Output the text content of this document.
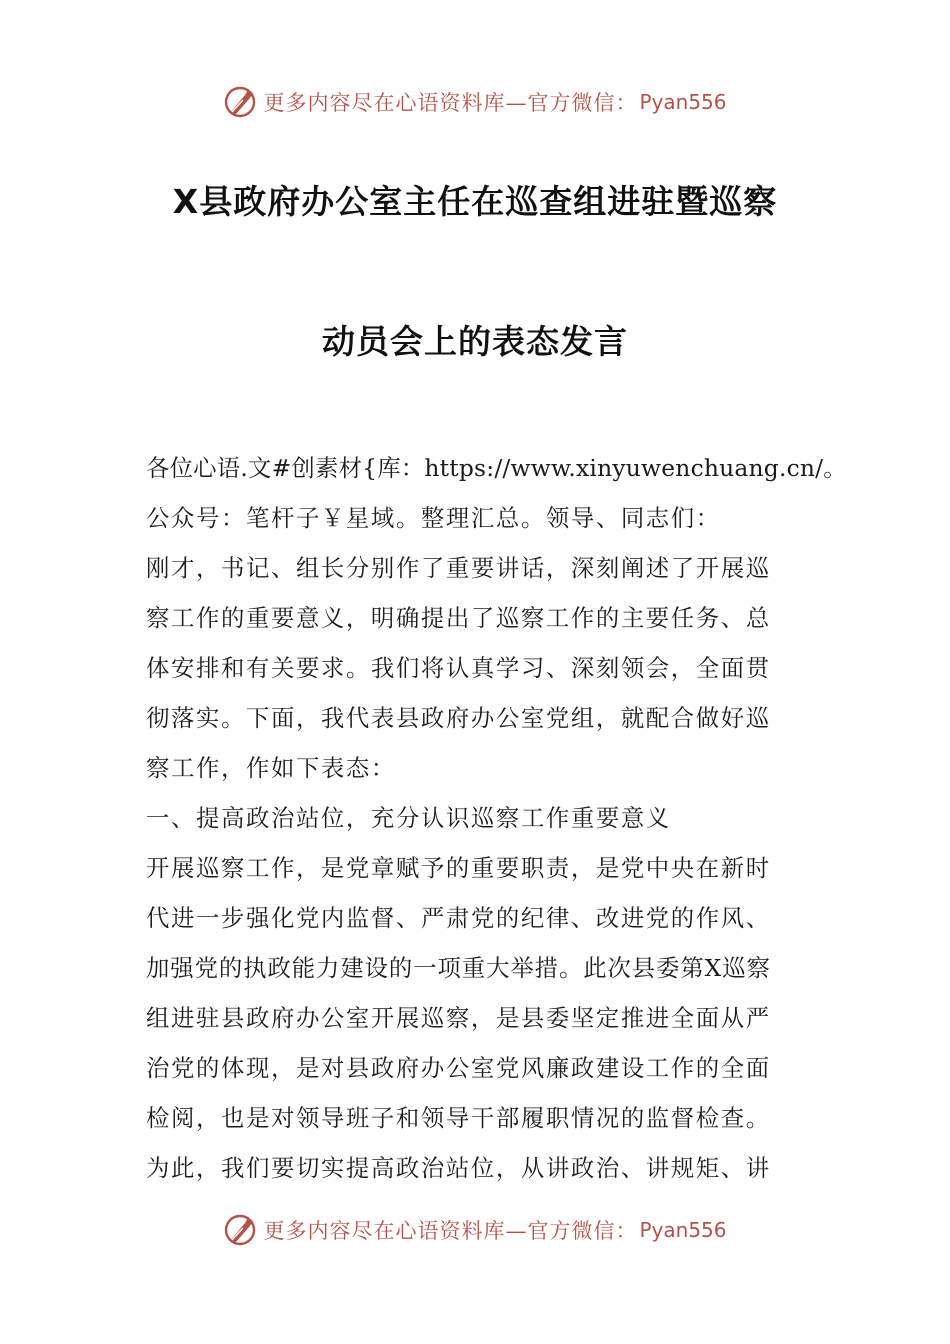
更多内容尽在心语资料库—官方微信： Pyan556
X县政府办公室主任在巡查组进驻暨巡察
动员会上的表态发言
各位心语.文#创素材{库：https://www.xinyuwenchuang.cn/。
公众号：笔杆子￥星域。整理汇总。领导、同志们：
刚才，书记、组长分别作了重要讲话，深刻阐述了开展巡
察工作的重要意义，明确提出了巡察工作的主要任务、总
体安排和有关要求。我们将认真学习、深刻领会，全面贯
彻落实。下面，我代表县政府办公室党组，就配合做好巡
察工作，作如下表态：
一、提高政治站位，充分认识巡察工作重要意义
开展巡察工作，是党章赋予的重要职责，是党中央在新时
代进一步强化党内监督、严肃党的纪律、改进党的作风、
加强党的执政能力建设的一项重大举措。此次县委第X巡察
组进驻县政府办公室开展巡察，是县委坚定推进全面从严
治党的体现，是对县政府办公室党风廉政建设工作的全面
检阅，也是对领导班子和领导干部履职情况的监督检查。
为此，我们要切实提高政治站位，从讲政治、讲规矩、讲
更多内容尽在心语资料库—官方微信： Pyan556
